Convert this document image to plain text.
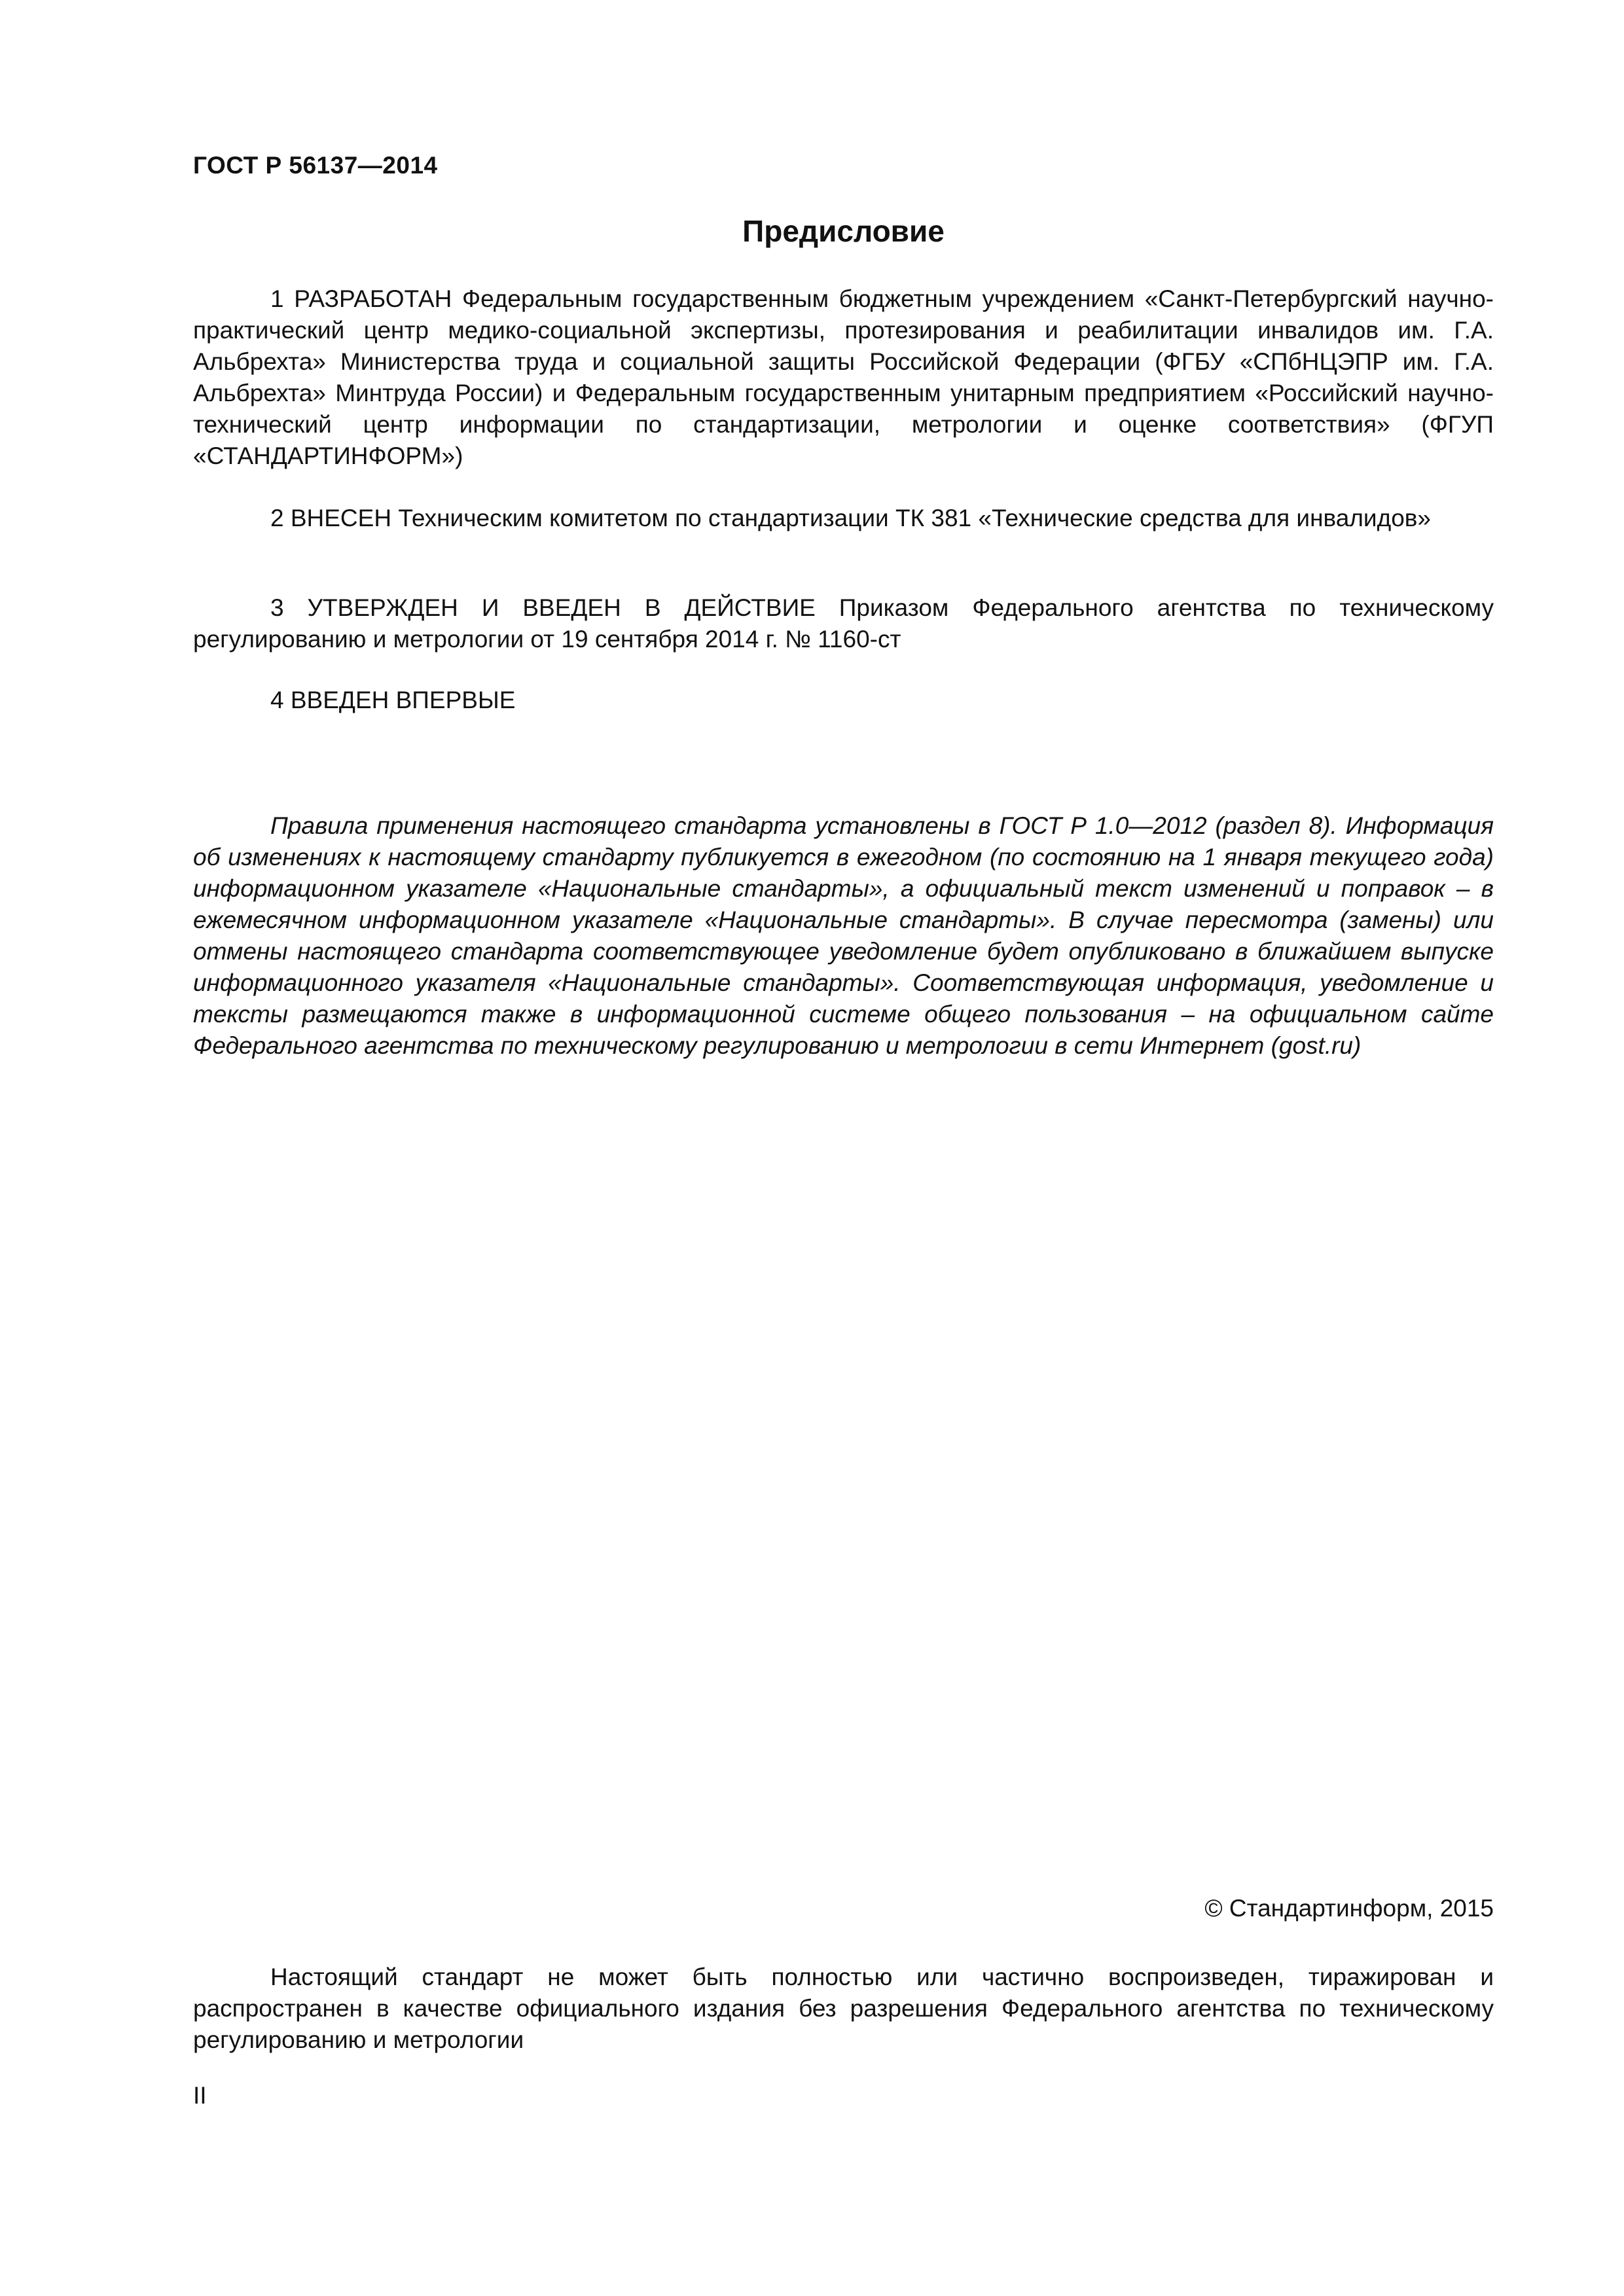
ГОСТ Р 56137—2014
Предисловие

1 РАЗРАБОТАН Федеральным государственным бюджетным учреждением «Санкт-Петербургский научно-практический центр медико-социальной экспертизы, протезирования и реабилитации инвалидов им. Г.А. Альбрехта» Министерства труда и социальной защиты Российской Федерации (ФГБУ «СПбНЦЭПР им. Г.А. Альбрехта» Минтруда России) и Федеральным государственным унитарным предприятием «Российский научно-технический центр информации по стандартизации, метрологии и оценке соответствия» (ФГУП «СТАНДАРТИНФОРМ»)

2 ВНЕСЕН Техническим комитетом по стандартизации ТК 381 «Технические средства для инвалидов»

3 УТВЕРЖДЕН И ВВЕДЕН В ДЕЙСТВИЕ Приказом Федерального агентства по техническому регулированию и метрологии от 19 сентября 2014 г. № 1160-ст

4 ВВЕДЕН ВПЕРВЫЕ

Правила применения настоящего стандарта установлены в ГОСТ Р 1.0—2012 (раздел 8). Информация об изменениях к настоящему стандарту публикуется в ежегодном (по состоянию на 1 января текущего года) информационном указателе «Национальные стандарты», а официальный текст изменений и поправок – в ежемесячном информационном указателе «Национальные стандарты». В случае пересмотра (замены) или отмены настоящего стандарта соответствующее уведомление будет опубликовано в ближайшем выпуске информационного указателя «Национальные стандарты». Соответствующая информация, уведомление и тексты размещаются также в информационной системе общего пользования – на официальном сайте Федерального агентства по техническому регулированию и метрологии в сети Интернет (gost.ru)

© Стандартинформ, 2015

Настоящий стандарт не может быть полностью или частично воспроизведен, тиражирован и распространен в качестве официального издания без разрешения Федерального агентства по техническому регулированию и метрологии

II
